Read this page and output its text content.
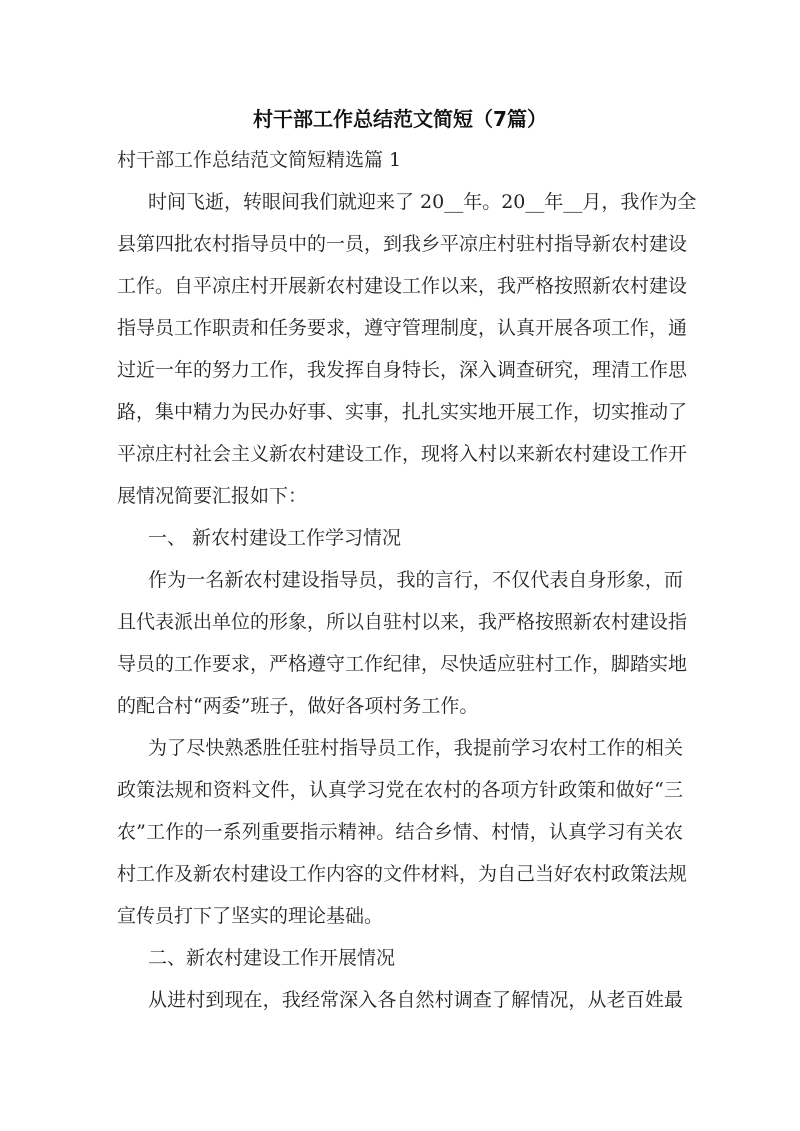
村干部工作总结范文简短（7篇）
村干部工作总结范文简短精选篇 1
时间飞逝，转眼间我们就迎来了 20__年。20__年__月，我作为全
县第四批农村指导员中的一员，到我乡平凉庄村驻村指导新农村建设
工作。自平凉庄村开展新农村建设工作以来，我严格按照新农村建设
指导员工作职责和任务要求，遵守管理制度，认真开展各项工作，通
过近一年的努力工作，我发挥自身特长，深入调查研究，理清工作思
路，集中精力为民办好事、实事，扎扎实实地开展工作，切实推动了
平凉庄村社会主义新农村建设工作，现将入村以来新农村建设工作开
展情况简要汇报如下：
一、 新农村建设工作学习情况
作为一名新农村建设指导员，我的言行，不仅代表自身形象，而
且代表派出单位的形象，所以自驻村以来，我严格按照新农村建设指
导员的工作要求，严格遵守工作纪律，尽快适应驻村工作，脚踏实地
的配合村“两委”班子，做好各项村务工作。
为了尽快熟悉胜任驻村指导员工作，我提前学习农村工作的相关
政策法规和资料文件，认真学习党在农村的各项方针政策和做好“三
农”工作的一系列重要指示精神。结合乡情、村情，认真学习有关农
村工作及新农村建设工作内容的文件材料，为自己当好农村政策法规
宣传员打下了坚实的理论基础。
二、新农村建设工作开展情况
从进村到现在，我经常深入各自然村调查了解情况，从老百姓最
